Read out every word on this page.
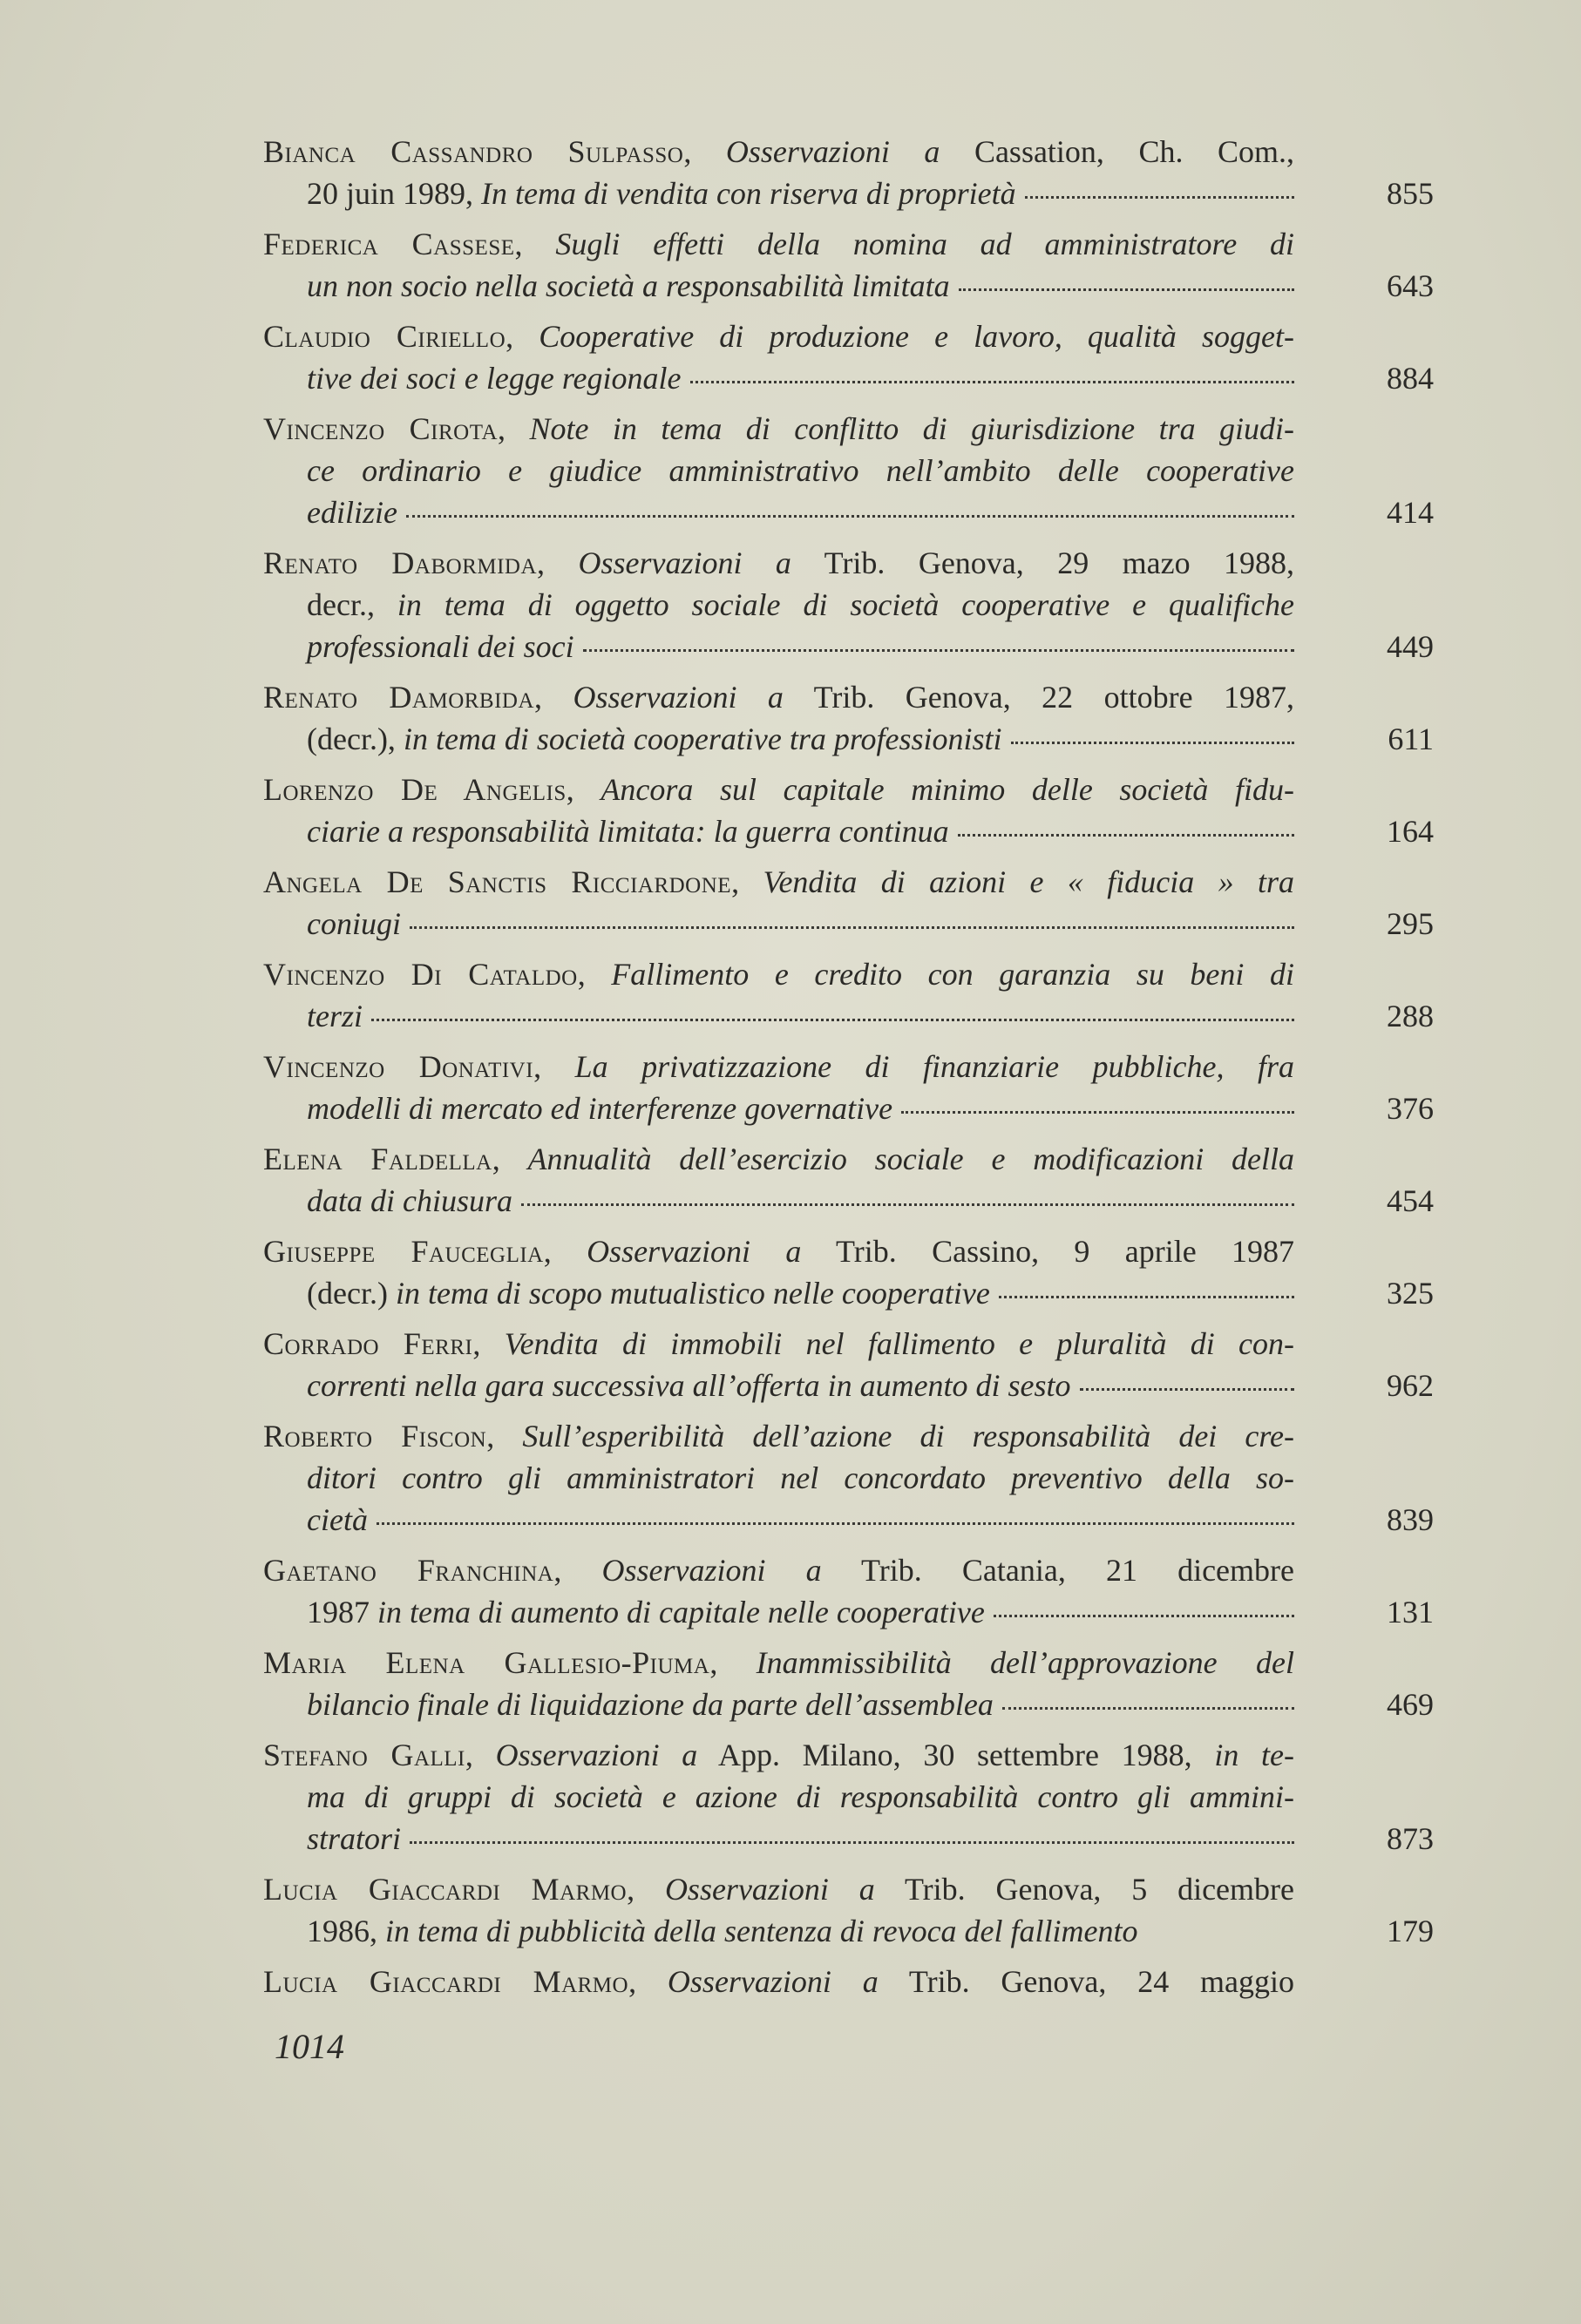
Bianca Cassandro Sulpasso, Osservazioni a Cassation, Ch. Com.,
20 juin 1989, In tema di vendita con riserva di proprietà	855
Federica Cassese, Sugli effetti della nomina ad amministratore di
un non socio nella società a responsabilità limitata	643
Claudio Ciriello, Cooperative di produzione e lavoro, qualità sogget-
tive dei soci e legge regionale	884
Vincenzo Cirota, Note in tema di conflitto di giurisdizione tra giudi-
ce ordinario e giudice amministrativo nell’ambito delle cooperative
edilizie	414
Renato Dabormida, Osservazioni a Trib. Genova, 29 mazo 1988,
decr., in tema di oggetto sociale di società cooperative e qualifiche
professionali dei soci	449
Renato Damorbida, Osservazioni a Trib. Genova, 22 ottobre 1987,
(decr.), in tema di società cooperative tra professionisti	611
Lorenzo De Angelis, Ancora sul capitale minimo delle società fidu-
ciarie a responsabilità limitata: la guerra continua	164
Angela De Sanctis Ricciardone, Vendita di azioni e « fiducia » tra
coniugi	295
Vincenzo Di Cataldo, Fallimento e credito con garanzia su beni di
terzi	288
Vincenzo Donativi, La privatizzazione di finanziarie pubbliche, fra
modelli di mercato ed interferenze governative	376
Elena Faldella, Annualità dell’esercizio sociale e modificazioni della
data di chiusura	454
Giuseppe Fauceglia, Osservazioni a Trib. Cassino, 9 aprile 1987
(decr.) in tema di scopo mutualistico nelle cooperative	325
Corrado Ferri, Vendita di immobili nel fallimento e pluralità di con-
correnti nella gara successiva all’offerta in aumento di sesto	962
Roberto Fiscon, Sull’esperibilità dell’azione di responsabilità dei cre-
ditori contro gli amministratori nel concordato preventivo della so-
cietà	839
Gaetano Franchina, Osservazioni a Trib. Catania, 21 dicembre
1987 in tema di aumento di capitale nelle cooperative	131
Maria Elena Gallesio-Piuma, Inammissibilità dell’approvazione del
bilancio finale di liquidazione da parte dell’assemblea	469
Stefano Galli, Osservazioni a App. Milano, 30 settembre 1988, in te-
ma di gruppi di società e azione di responsabilità contro gli ammini-
stratori	873
Lucia Giaccardi Marmo, Osservazioni a Trib. Genova, 5 dicembre
1986, in tema di pubblicità della sentenza di revoca del fallimento	179
Lucia Giaccardi Marmo, Osservazioni a Trib. Genova, 24 maggio
1014
